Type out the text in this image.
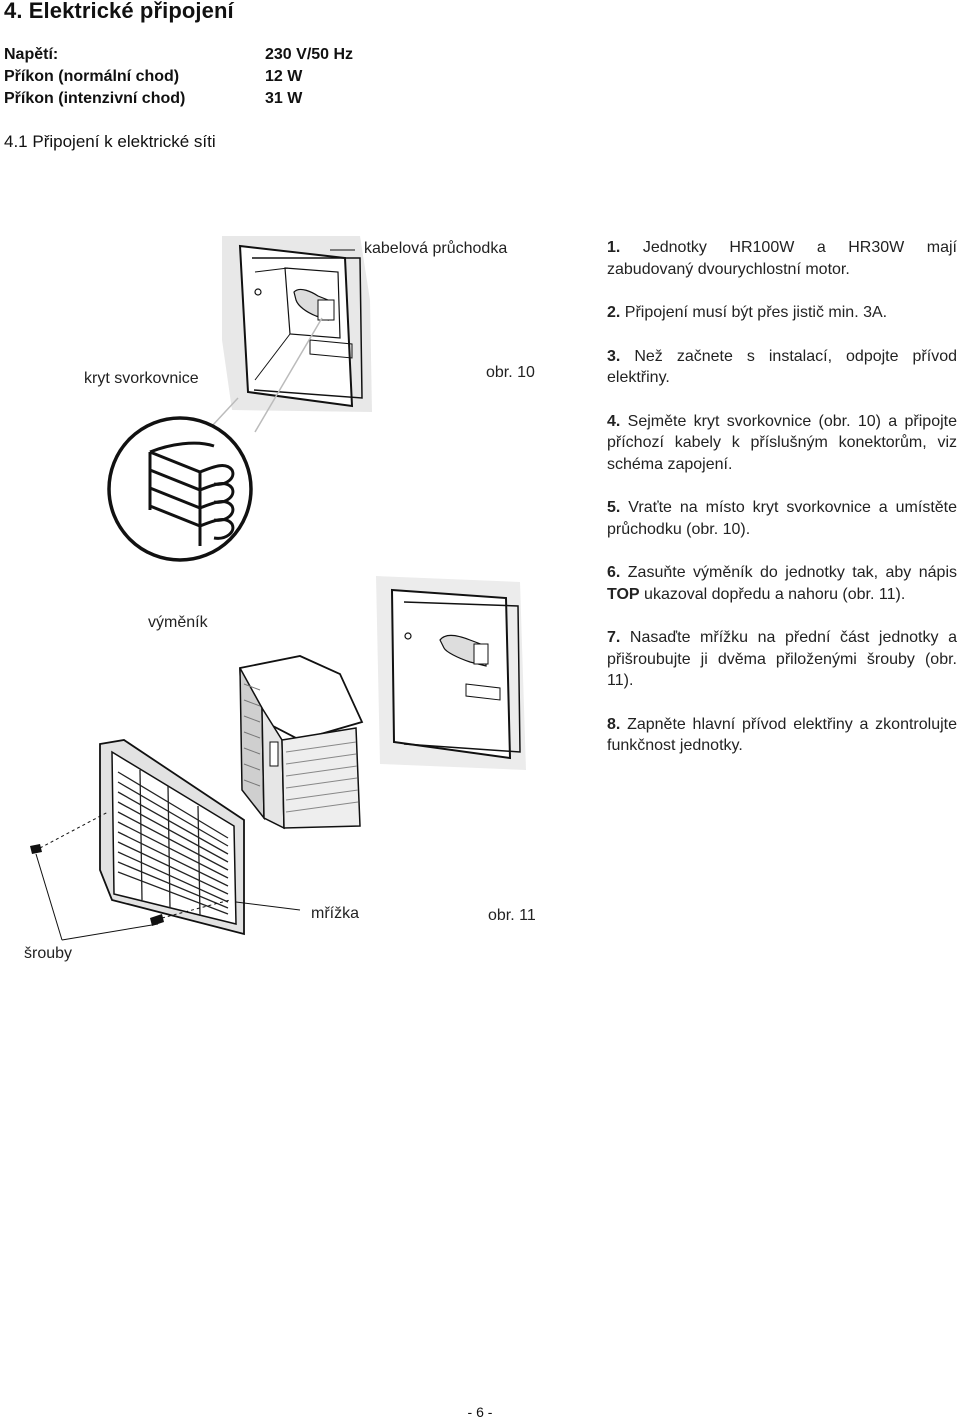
4. Elektrické připojení
Napětí:
Příkon (normální chod)
Příkon (intenzivní chod)
230 V/50 Hz
12 W
31 W
4.1 Připojení k elektrické síti
kabelová průchodka
kryt svorkovnice	obr. 10
výměník
mřížka	obr. 11
šrouby

1. Jednotky HR100W a HR30W mají zabudovaný dvourychlostní motor.

2. Připojení musí být přes jistič min. 3A.

3. Než začnete s instalací, odpojte přívod elektřiny.

4. Sejměte kryt svorkovnice (obr. 10) a připojte příchozí kabely k příslušným konektorům, viz schéma zapojení.

5. Vraťte na místo kryt svorkovnice a umístěte průchodku (obr. 10).

6. Zasuňte výměník do jednotky tak, aby nápis TOP ukazoval dopředu a nahoru (obr. 11).

7. Nasaďte mřížku na přední část jednotky a přišroubujte ji dvěma přiloženými šrouby (obr. 11).

8. Zapněte hlavní přívod elektřiny a zkontrolujte funkčnost jednotky.

- 6 -
